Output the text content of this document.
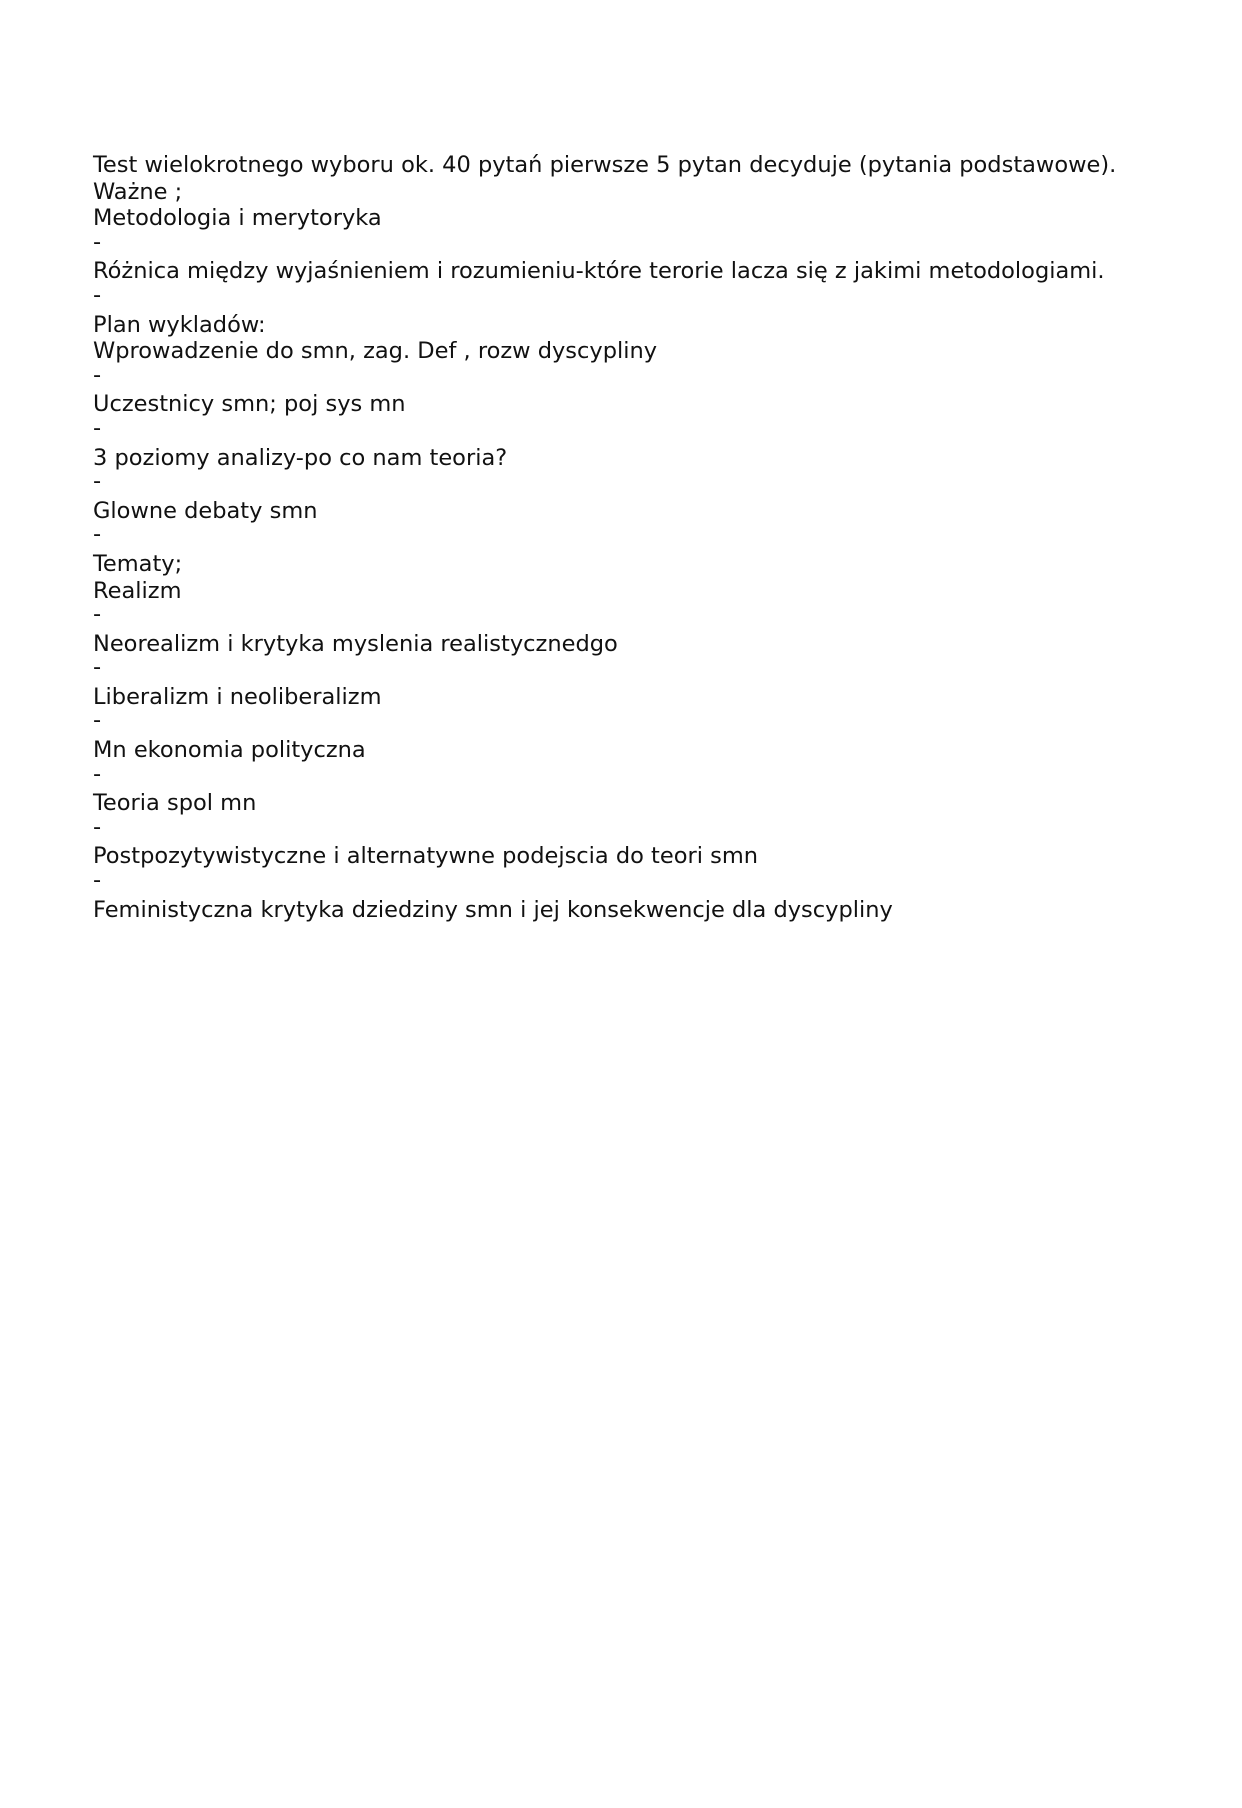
Test wielokrotnego wyboru ok. 40 pytań pierwsze 5 pytan decyduje (pytania podstawowe).
Ważne ;
Metodologia i merytoryka
-
Różnica między wyjaśnieniem i rozumieniu-które terorie lacza się z jakimi metodologiami.
-
Plan wykladów:
Wprowadzenie do smn, zag. Def , rozw dyscypliny
-
Uczestnicy smn; poj sys mn
-
3 poziomy analizy-po co nam teoria?
-
Glowne debaty smn
-
Tematy;
Realizm
-
Neorealizm i krytyka myslenia realistycznedgo
-
Liberalizm i neoliberalizm
-
Mn ekonomia polityczna
-
Teoria spol mn
-
Postpozytywistyczne i alternatywne podejscia do teori smn
-
Feministyczna krytyka dziedziny smn i jej konsekwencje dla dyscypliny
